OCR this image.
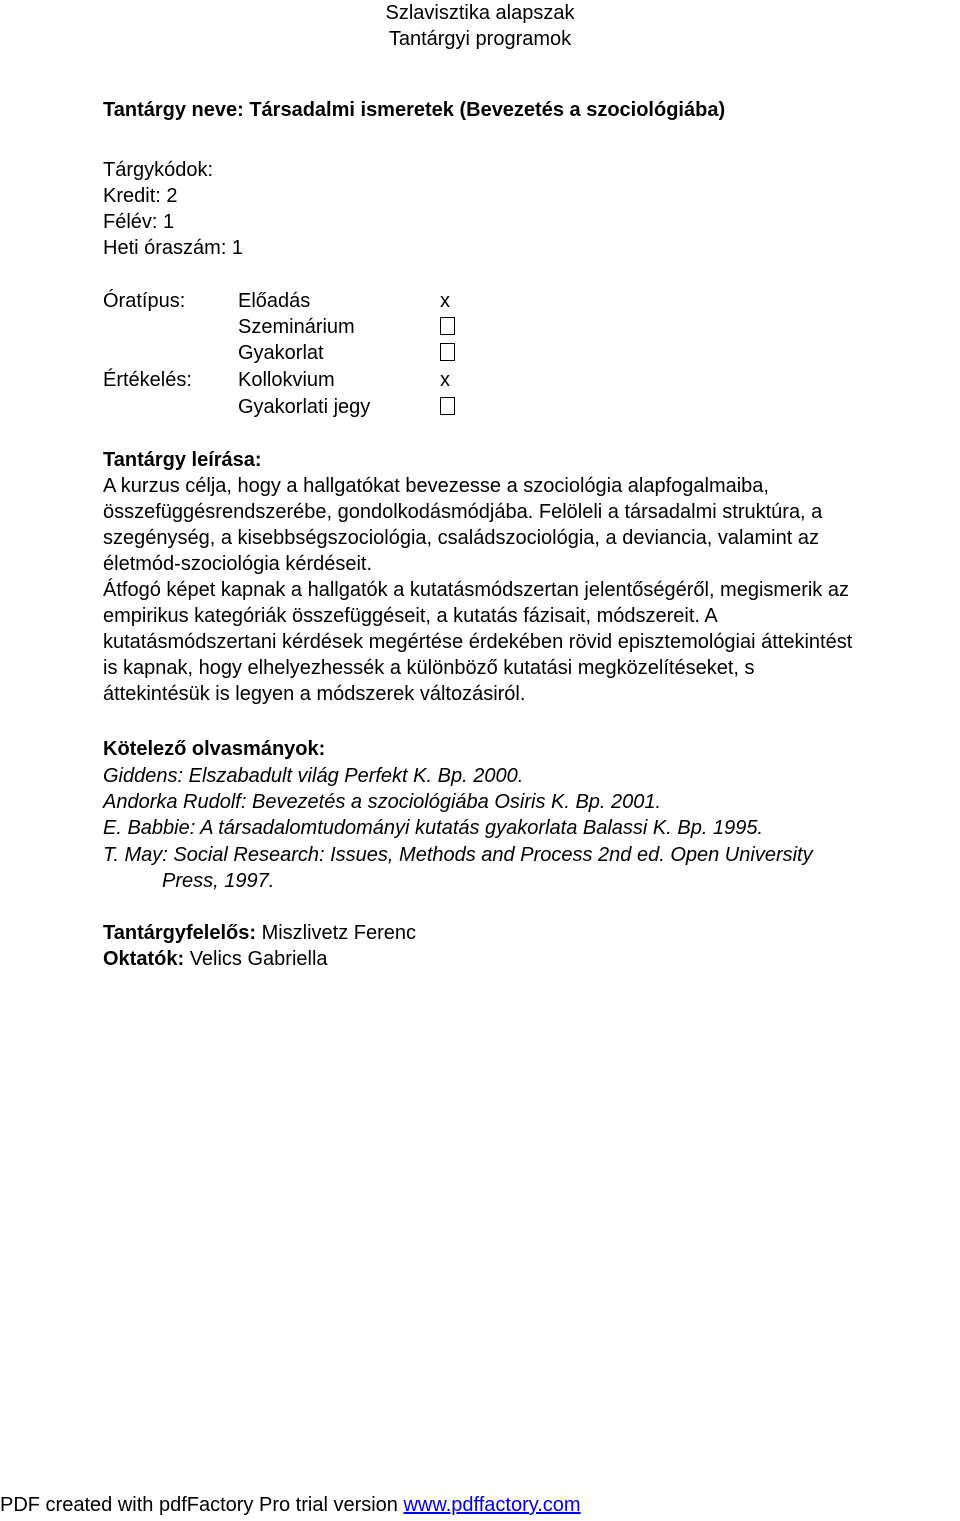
Szlavisztika alapszak
Tantárgyi programok
Tantárgy neve: Társadalmi ismeretek (Bevezetés a szociológiába)
Tárgykódok:
Kredit: 2
Félév: 1
Heti óraszám: 1
Óratípus:
Értékelés:
Előadás	x
Szeminárium
Gyakorlat
Kollokvium	x
Gyakorlati jegy
Tantárgy leírása:

A kurzus célja, hogy a hallgatókat bevezesse a szociológia alapfogalmaiba,

összefüggésrendszerébe, gondolkodásmódjába. Felöleli a társadalmi struktúra, a

szegénység, a kisebbségszociológia, családszociológia, a deviancia, valamint az

életmód-szociológia kérdéseit.

Átfogó képet kapnak a hallgatók a kutatásmódszertan jelentőségéről, megismerik az

empirikus kategóriák összefüggéseit, a kutatás fázisait, módszereit. A

kutatásmódszertani kérdések megértése érdekében rövid episztemológiai áttekintést

is kapnak, hogy elhelyezhessék a különböző kutatási megközelítéseket, s

áttekintésük is legyen a módszerek változásiról.

Kötelező olvasmányok:
Giddens: Elszabadult világ Perfekt K. Bp. 2000.
Andorka Rudolf: Bevezetés a szociológiába Osiris K. Bp. 2001.
E. Babbie: A társadalomtudományi kutatás gyakorlata Balassi K. Bp. 1995.
T. May: Social Research: Issues, Methods and Process 2nd ed. Open University
Press, 1997.
Tantárgyfelelős: Miszlivetz Ferenc
Oktatók: Velics Gabriella
PDF created with pdfFactory Pro trial version www.pdffactory.com
